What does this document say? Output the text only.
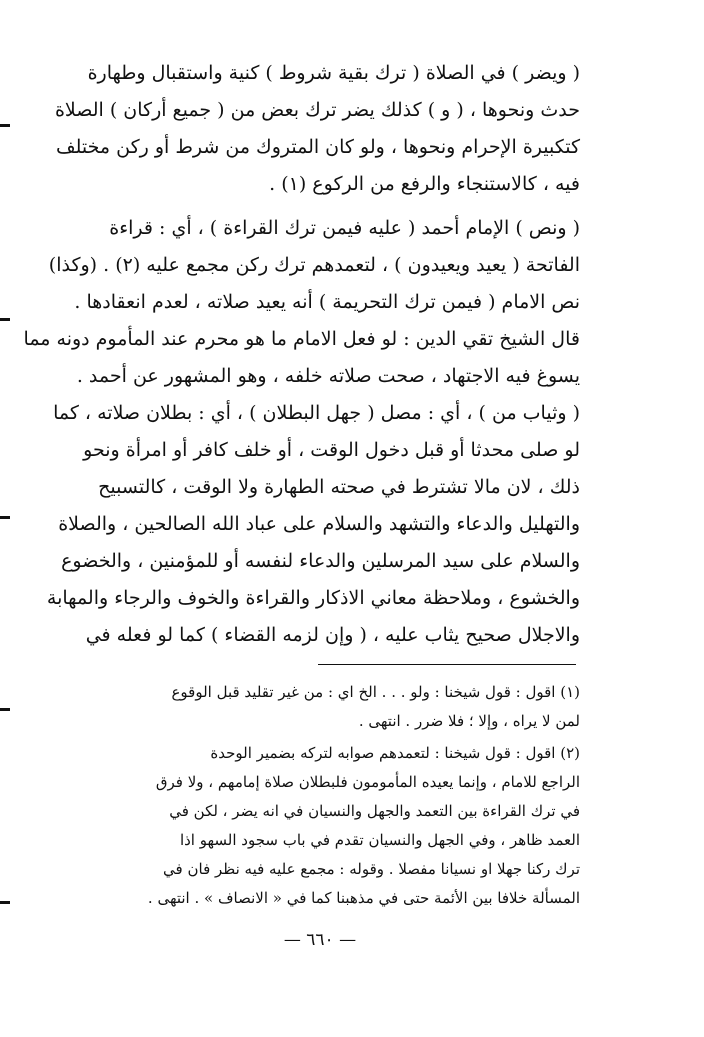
( ويضر ) في الصلاة ( ترك بقية شروط ) كنية واستقبال وطهارة
حدث ونحوها ، ( و ) كذلك يضر ترك بعض من ( جميع أركان ) الصلاة
كتكبيرة الإحرام ونحوها ، ولو كان المتروك من شرط أو ركن مختلف
فيه ، كالاستنجاء والرفع من الركوع (١) .
( ونص ) الإمام أحمد ( عليه فيمن ترك القراءة ) ، أي : قراءة
الفاتحة ( يعيد ويعيدون ) ، لتعمدهم ترك ركن مجمع عليه (٢) . (وكذا)
نص الامام ( فيمن ترك التحريمة ) أنه يعيد صلاته ، لعدم انعقادها .
قال الشيخ تقي الدين : لو فعل الامام ما هو محرم عند المأموم دونه مما
يسوغ فيه الاجتهاد ، صحت صلاته خلفه ، وهو المشهور عن أحمد .
( وثياب من ) ، أي : مصل ( جهل البطلان ) ، أي : بطلان صلاته ، كما
لو صلى محدثا أو قبل دخول الوقت ، أو خلف كافر أو امرأة ونحو
ذلك ، لان مالا تشترط في صحته الطهارة ولا الوقت ، كالتسبيح
والتهليل والدعاء والتشهد والسلام على عباد الله الصالحين ، والصلاة
والسلام على سيد المرسلين والدعاء لنفسه أو للمؤمنين ، والخضوع
والخشوع ، وملاحظة معاني الاذكار والقراءة والخوف والرجاء والمهابة
والاجلال صحيح يثاب عليه ، ( وإن لزمه القضاء ) كما لو فعله في
(١) اقول : قول شيخنا : ولو . . . الخ اي : من غير تقليد قبل الوقوع
لمن لا يراه ، وإلا ؛ فلا ضرر . انتهى .
(٢) اقول : قول شيخنا : لتعمدهم صوابه لتركه بضمير الوحدة
الراجع للامام ، وإنما يعيده المأمومون فلبطلان صلاة إمامهم ، ولا فرق
في ترك القراءة بين التعمد والجهل والنسيان في انه يضر ، لكن في
العمد ظاهر ، وفي الجهل والنسيان تقدم في باب سجود السهو اذا
ترك ركنا جهلا او نسيانا مفصلا . وقوله : مجمع عليه فيه نظر فان في
المسألة خلافا بين الأئمة حتى في مذهبنا كما في « الانصاف » . انتهى .
— ٦٦٠ —
